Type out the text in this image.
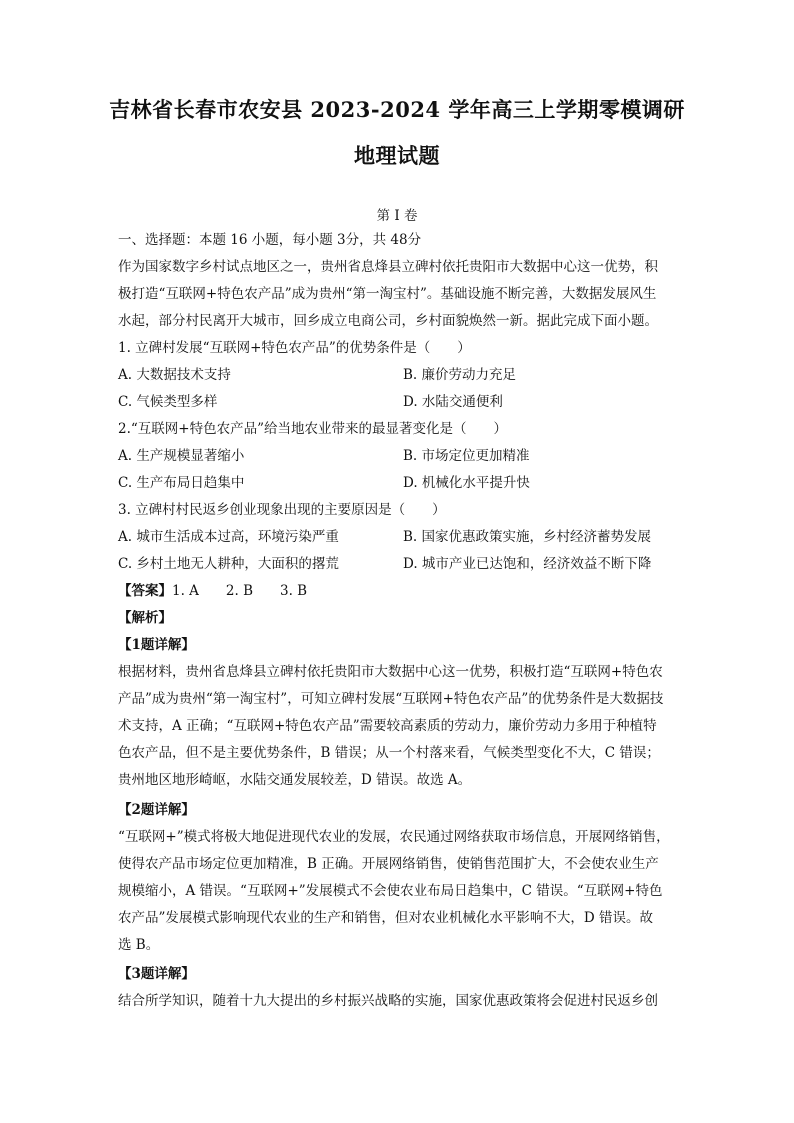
吉林省长春市农安县 2023-2024 学年高三上学期零模调研
地理试题
第 I 卷
一、选择题：本题 16 小题，每小题 3分，共 48分
作为国家数字乡村试点地区之一，贵州省息烽县立碑村依托贵阳市大数据中心这一优势，积
极打造“互联网+特色农产品”成为贵州“第一淘宝村”。基础设施不断完善，大数据发展风生
水起，部分村民离开大城市，回乡成立电商公司，乡村面貌焕然一新。据此完成下面小题。
1. 立碑村发展“互联网+特色农产品”的优势条件是（　　）
A. 大数据技术支持	B. 廉价劳动力充足
C. 气候类型多样	D. 水陆交通便利
2.“互联网+特色农产品”给当地农业带来的最显著变化是（　　）
A. 生产规模显著缩小	B. 市场定位更加精准
C. 生产布局日趋集中	D. 机械化水平提升快
3. 立碑村村民返乡创业现象出现的主要原因是（　　）
A. 城市生活成本过高，环境污染严重	B. 国家优惠政策实施，乡村经济蓄势发展
C. 乡村土地无人耕种，大面积的撂荒	D. 城市产业已达饱和，经济效益不断下降
【答案】1. A　　2. B　　3. B
【解析】
【1题详解】
根据材料，贵州省息烽县立碑村依托贵阳市大数据中心这一优势，积极打造“互联网+特色农
产品”成为贵州“第一淘宝村”，可知立碑村发展“互联网+特色农产品”的优势条件是大数据技
术支持，A 正确；“互联网+特色农产品”需要较高素质的劳动力，廉价劳动力多用于种植特
色农产品，但不是主要优势条件，B 错误；从一个村落来看，气候类型变化不大，C 错误；
贵州地区地形崎岖，水陆交通发展较差，D 错误。故选 A。
【2题详解】
“互联网+”模式将极大地促进现代农业的发展，农民通过网络获取市场信息，开展网络销售，
使得农产品市场定位更加精准，B 正确。开展网络销售，使销售范围扩大，不会使农业生产
规模缩小，A 错误。“互联网+”发展模式不会使农业布局日趋集中，C 错误。“互联网+特色
农产品”发展模式影响现代农业的生产和销售，但对农业机械化水平影响不大，D 错误。故
选 B。
【3题详解】
结合所学知识，随着十九大提出的乡村振兴战略的实施，国家优惠政策将会促进村民返乡创
